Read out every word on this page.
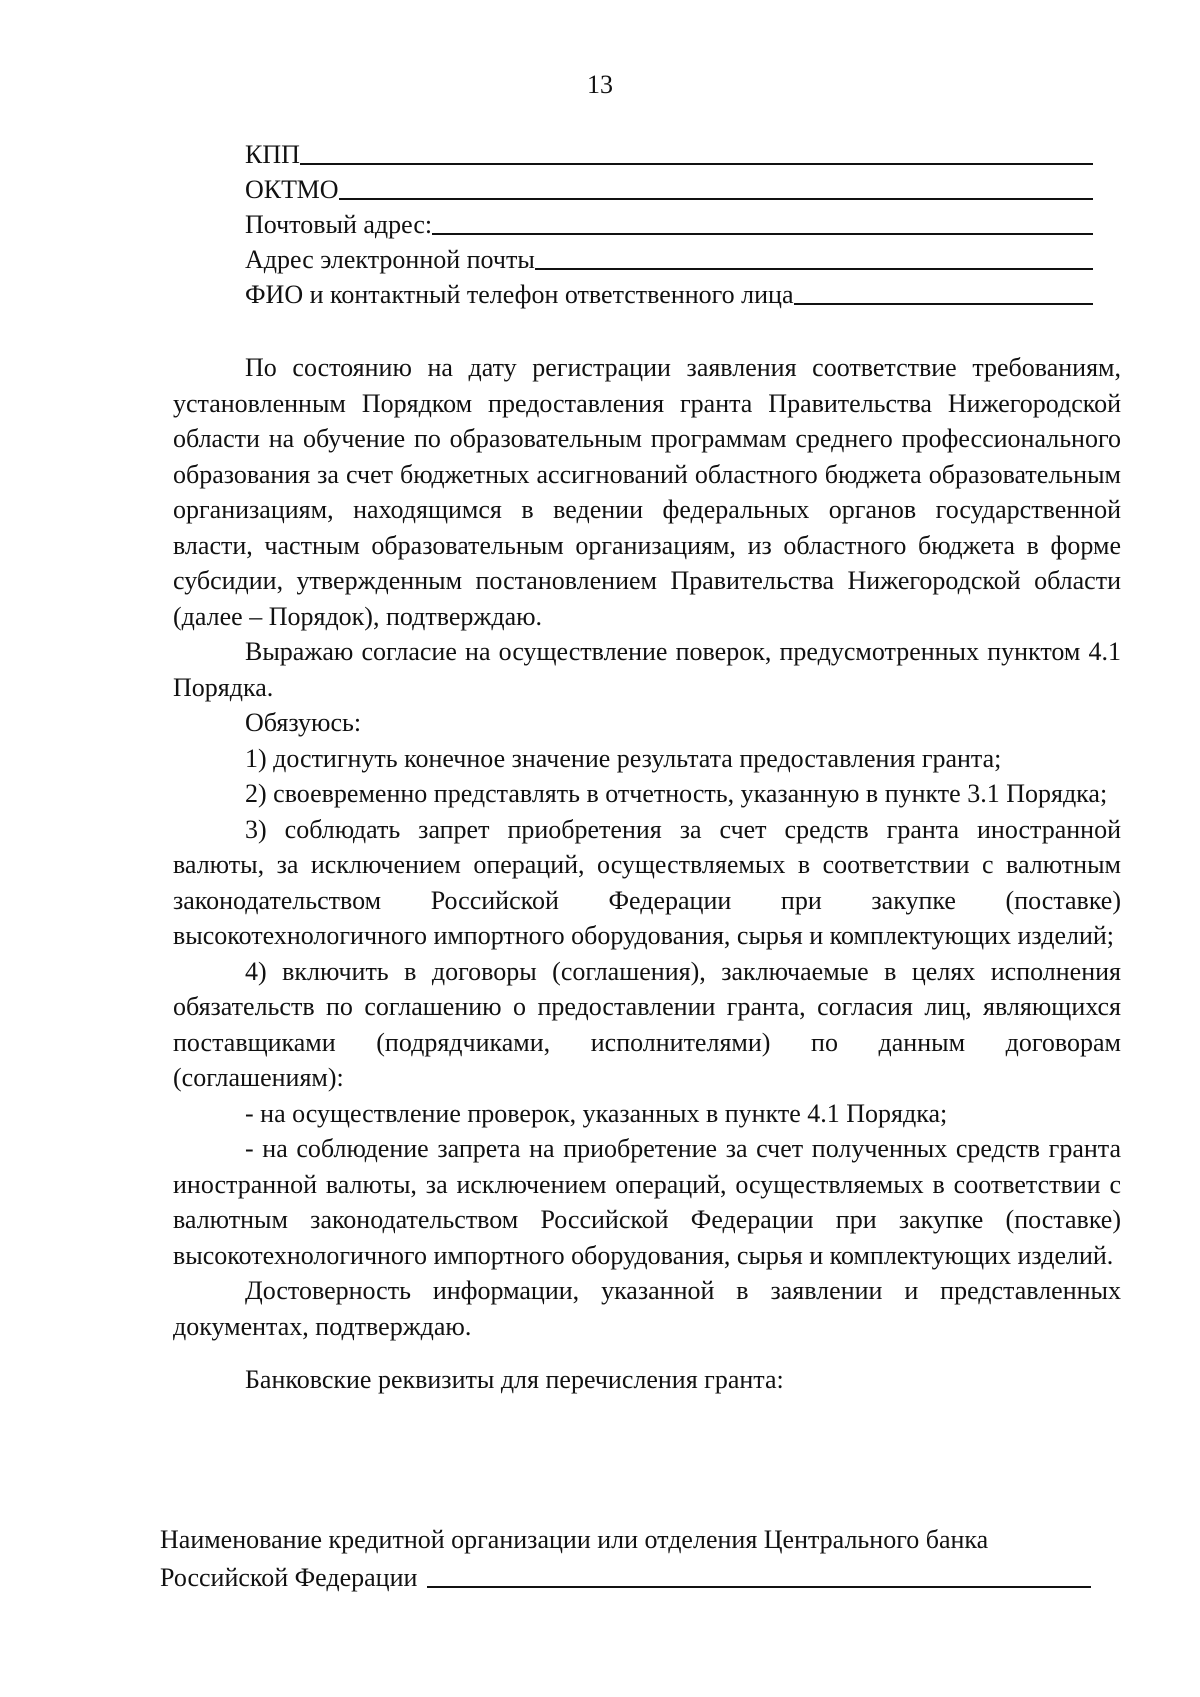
13
КПП
ОКТМО
Почтовый адрес:
Адрес электронной почты
ФИО и контактный телефон ответственного лица

По состоянию на дату регистрации заявления соответствие требованиям, установленным Порядком предоставления гранта Правительства Нижегородской области на обучение по образовательным программам среднего профессионального образования за счет бюджетных ассигнований областного бюджета образовательным организациям, находящимся в ведении федеральных органов государственной власти, частным образовательным организациям, из областного бюджета в форме субсидии, утвержденным постановлением Правительства Нижегородской области (далее – Порядок), подтверждаю.

Выражаю согласие на осуществление поверок, предусмотренных пунктом 4.1 Порядка.

Обязуюсь:

1) достигнуть конечное значение результата предоставления гранта;

2) своевременно представлять в отчетность, указанную в пункте 3.1 Порядка;

3) соблюдать запрет приобретения за счет средств гранта иностранной валюты, за исключением операций, осуществляемых в соответствии с валютным законодательством Российской Федерации при закупке (поставке) высокотехнологичного импортного оборудования, сырья и комплектующих изделий;

4) включить в договоры (соглашения), заключаемые в целях исполнения обязательств по соглашению о предоставлении гранта, согласия лиц, являющихся поставщиками (подрядчиками, исполнителями) по данным договорам (соглашениям):

- на осуществление проверок, указанных в пункте 4.1 Порядка;

- на соблюдение запрета на приобретение за счет полученных средств гранта иностранной валюты, за исключением операций, осуществляемых в соответствии с валютным законодательством Российской Федерации при закупке (поставке) высокотехнологичного импортного оборудования, сырья и комплектующих изделий.

Достоверность информации, указанной в заявлении и представленных документах, подтверждаю.

Банковские реквизиты для перечисления гранта:

Наименование кредитной организации или отделения Центрального банка

Российской Федерации
